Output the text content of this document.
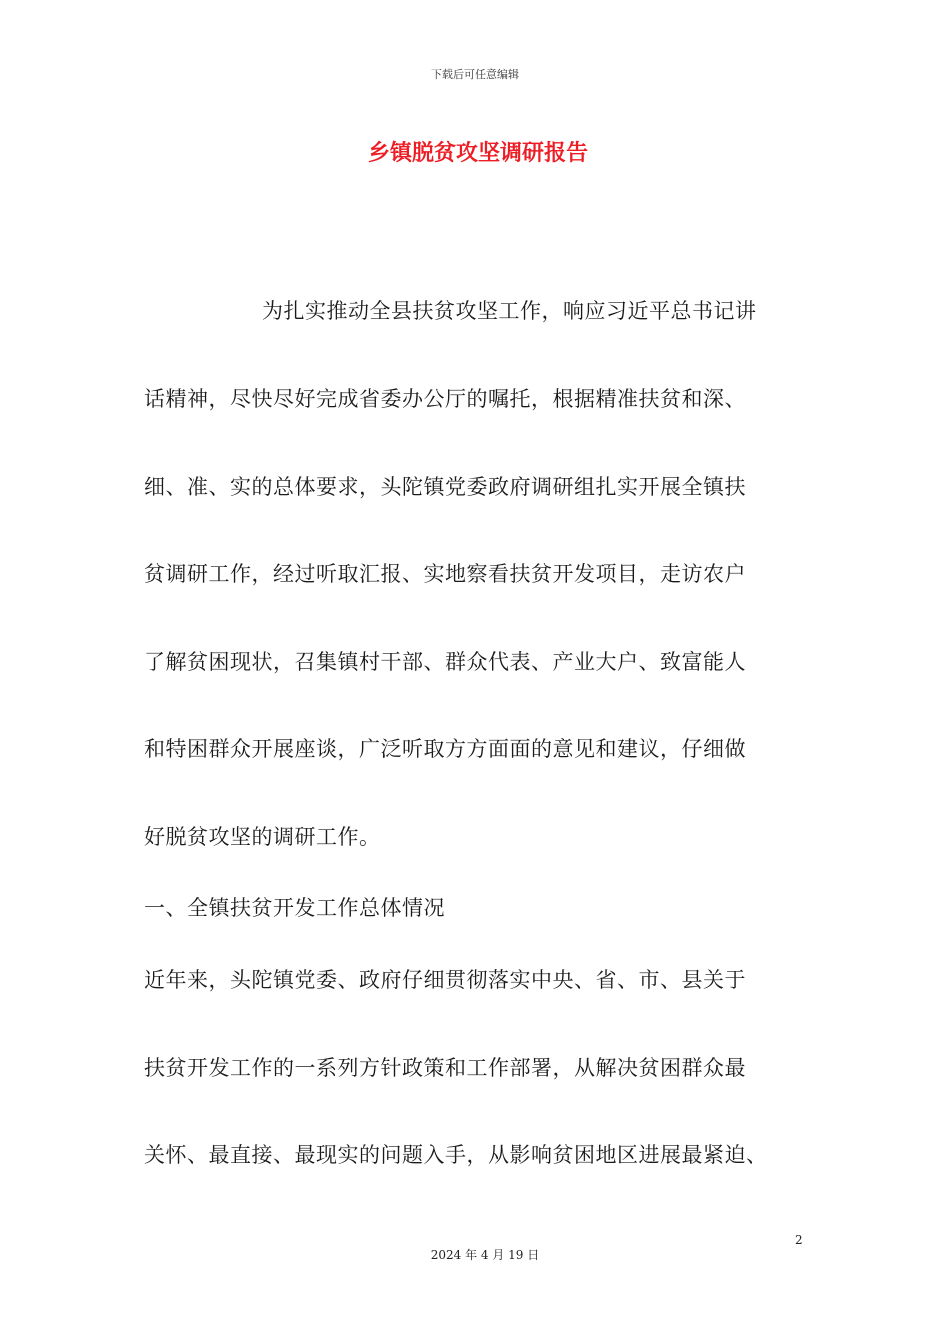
下载后可任意编辑
乡镇脱贫攻坚调研报告
为扎实推动全县扶贫攻坚工作，响应习近平总书记讲
话精神，尽快尽好完成省委办公厅的嘱托，根据精准扶贫和深、
细、准、实的总体要求，头陀镇党委政府调研组扎实开展全镇扶
贫调研工作，经过听取汇报、实地察看扶贫开发项目，走访农户
了解贫困现状，召集镇村干部、群众代表、产业大户、致富能人
和特困群众开展座谈，广泛听取方方面面的意见和建议，仔细做
好脱贫攻坚的调研工作。
一、全镇扶贫开发工作总体情况
近年来，头陀镇党委、政府仔细贯彻落实中央、省、市、县关于
扶贫开发工作的一系列方针政策和工作部署，从解决贫困群众最
关怀、最直接、最现实的问题入手，从影响贫困地区进展最紧迫、
2
2024 年 4 月 19 日
